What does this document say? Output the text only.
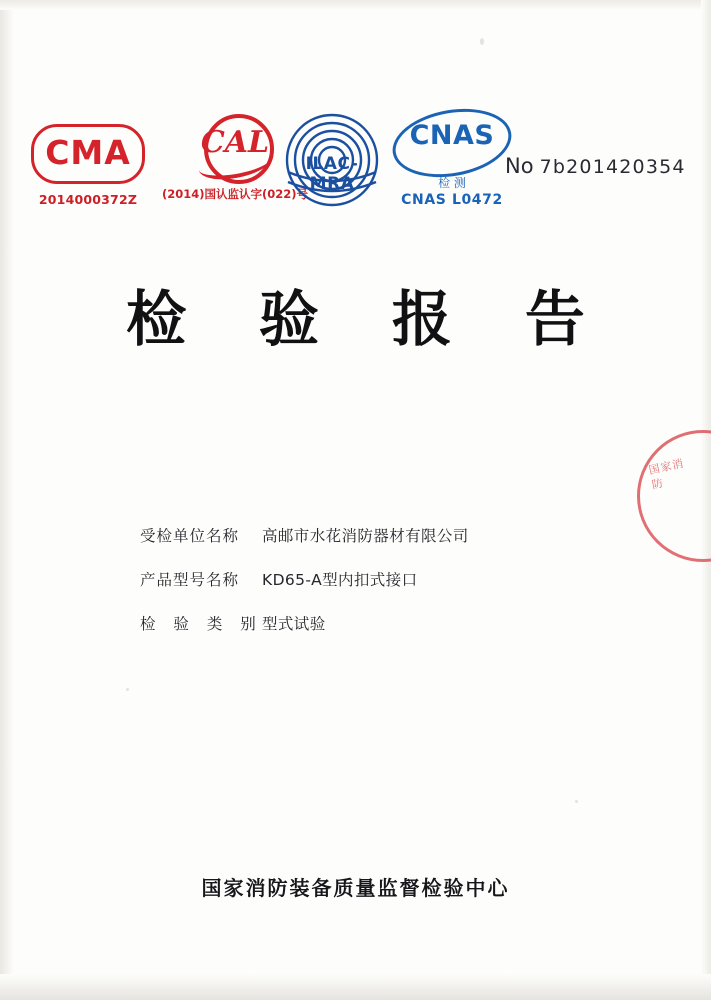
CMA
2014000372Z
CAL
(2014)国认监认字(022)号
ILAC-MRA
CNAS
检 测
CNAS L0472
No 7b201420354
检 验 报 告
受检单位名称	高邮市水花消防器材有限公司
产品型号名称	KD65-A型内扣式接口
检 验 类 别 型式试验
国家消防
国家消防装备质量监督检验中心
